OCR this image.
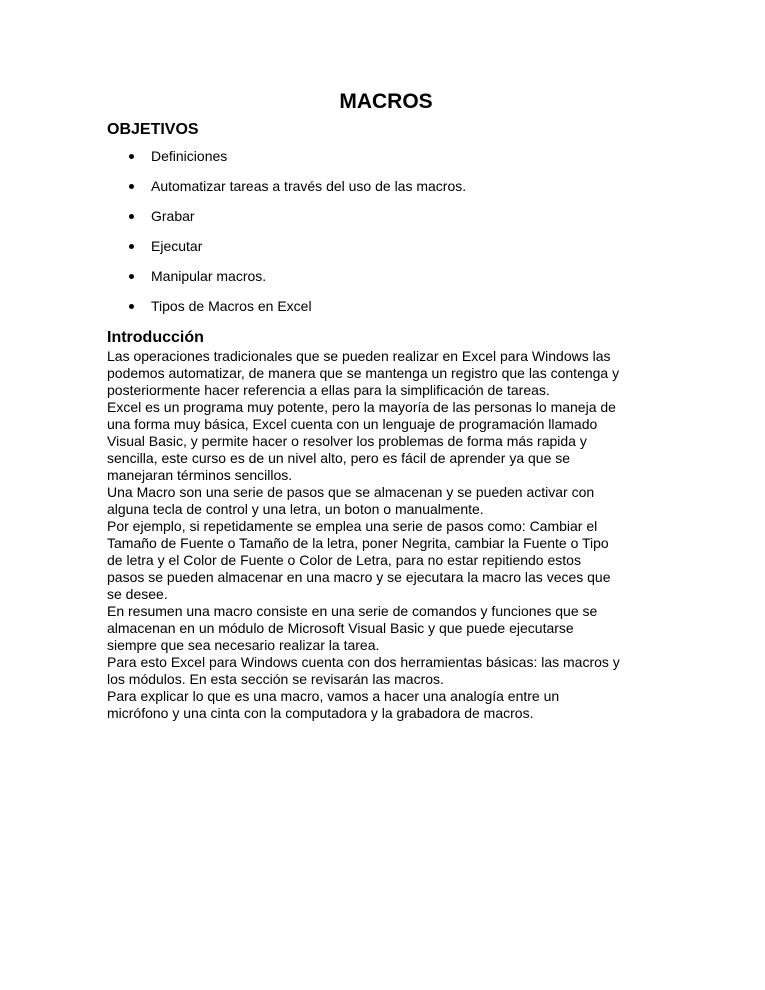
MACROS
OBJETIVOS
Definiciones
Automatizar tareas a través del uso de las macros.
Grabar
Ejecutar
Manipular macros.
Tipos de Macros en Excel
Introducción

Las operaciones tradicionales que se pueden realizar en Excel para Windows las
podemos automatizar, de manera que se mantenga un registro que las contenga y
posteriormente hacer referencia a ellas para la simplificación de tareas.

Excel es un programa muy potente, pero la mayoría de las personas lo maneja de
una forma muy básica, Excel cuenta con un lenguaje de programación llamado
Visual Basic, y permite hacer o resolver los problemas de forma más rapida y
sencilla, este curso es de un nivel alto, pero es fácil de aprender ya que se
manejaran términos sencillos.

Una Macro son una serie de pasos que se almacenan y se pueden activar con
alguna tecla de control y una letra, un boton o manualmente.

Por ejemplo, si repetidamente se emplea una serie de pasos como: Cambiar el
Tamaño de Fuente o Tamaño de la letra, poner Negrita, cambiar la Fuente o Tipo
de letra y el Color de Fuente o Color de Letra, para no estar repitiendo estos
pasos se pueden almacenar en una macro y se ejecutara la macro las veces que
se desee.

En resumen una macro consiste en una serie de comandos y funciones que se
almacenan en un módulo de Microsoft Visual Basic y que puede ejecutarse
siempre que sea necesario realizar la tarea.

Para esto Excel para Windows cuenta con dos herramientas básicas: las macros y
los módulos. En esta sección se revisarán las macros.

Para explicar lo que es una macro, vamos a hacer una analogía entre un
micrófono y una cinta con la computadora y la grabadora de macros.
